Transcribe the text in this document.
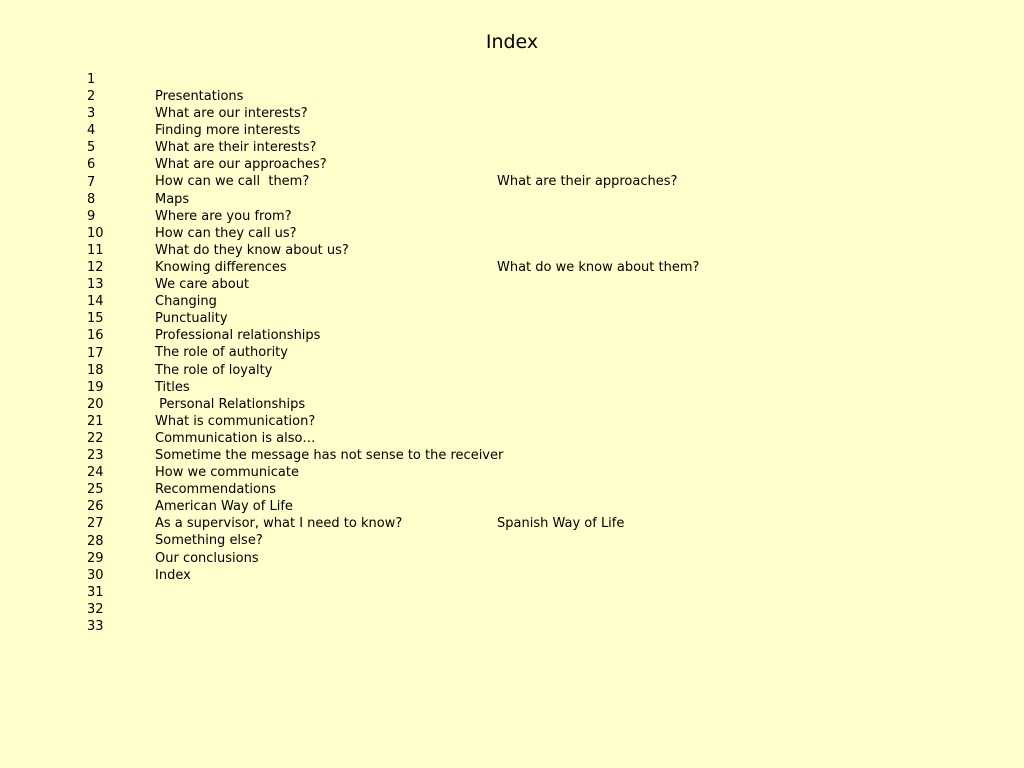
Index

1

Presentations

2

What are our interests?

3

Finding more interests

4

What are their interests?

5

What are our approaches?

What are their approaches?

6

How can we call  them?

7

Maps

8

Where are you from?

9

How can they call us?

10

What do they know about us?

What do we know about them?

11

Knowing differences

12

We care about

13

Changing

14

Punctuality

15

Professional relationships

16

The role of authority

17

The role of loyalty

18

Titles

19

Personal Relationships

20

What is communication?

21

Communication is also…

22

Sometime the message has not sense to the receiver

23

How we communicate

24

Recommendations

25

American Way of Life

Spanish Way of Life

26

As a supervisor, what I need to know?

27

Something else?

28

Our conclusions

29

Index

30

31

32

33
